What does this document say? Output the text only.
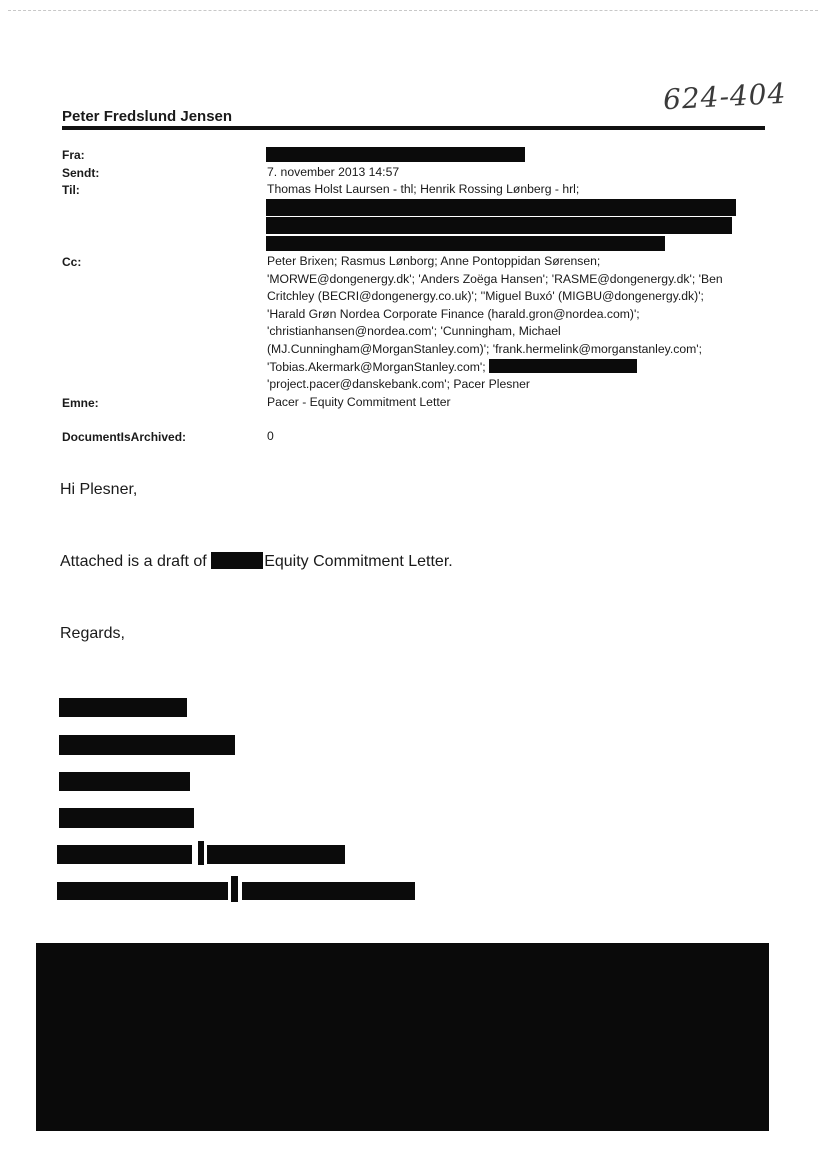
624-404
Peter Fredslund Jensen
Fra:
Sendt:	7. november 2013 14:57
Til:	Thomas Holst Laursen - thl; Henrik Rossing Lønberg - hrl;
Cc:	Peter Brixen; Rasmus Lønborg; Anne Pontoppidan Sørensen;
'MORWE@dongenergy.dk'; 'Anders Zoëga Hansen'; 'RASME@dongenergy.dk'; 'Ben
Critchley (BECRI@dongenergy.co.uk)'; ''Miguel Buxó' (MIGBU@dongenergy.dk)';
'Harald Grøn Nordea Corporate Finance (harald.gron@nordea.com)';
'christianhansen@nordea.com'; 'Cunningham, Michael
(MJ.Cunningham@MorganStanley.com)'; 'frank.hermelink@morganstanley.com';
'Tobias.Akermark@MorganStanley.com';
'project.pacer@danskebank.com'; Pacer Plesner
Emne:	Pacer - Equity Commitment Letter
DocumentIsArchived:	0
Hi Plesner,
Attached is a draft of	Equity Commitment Letter.
Regards,
